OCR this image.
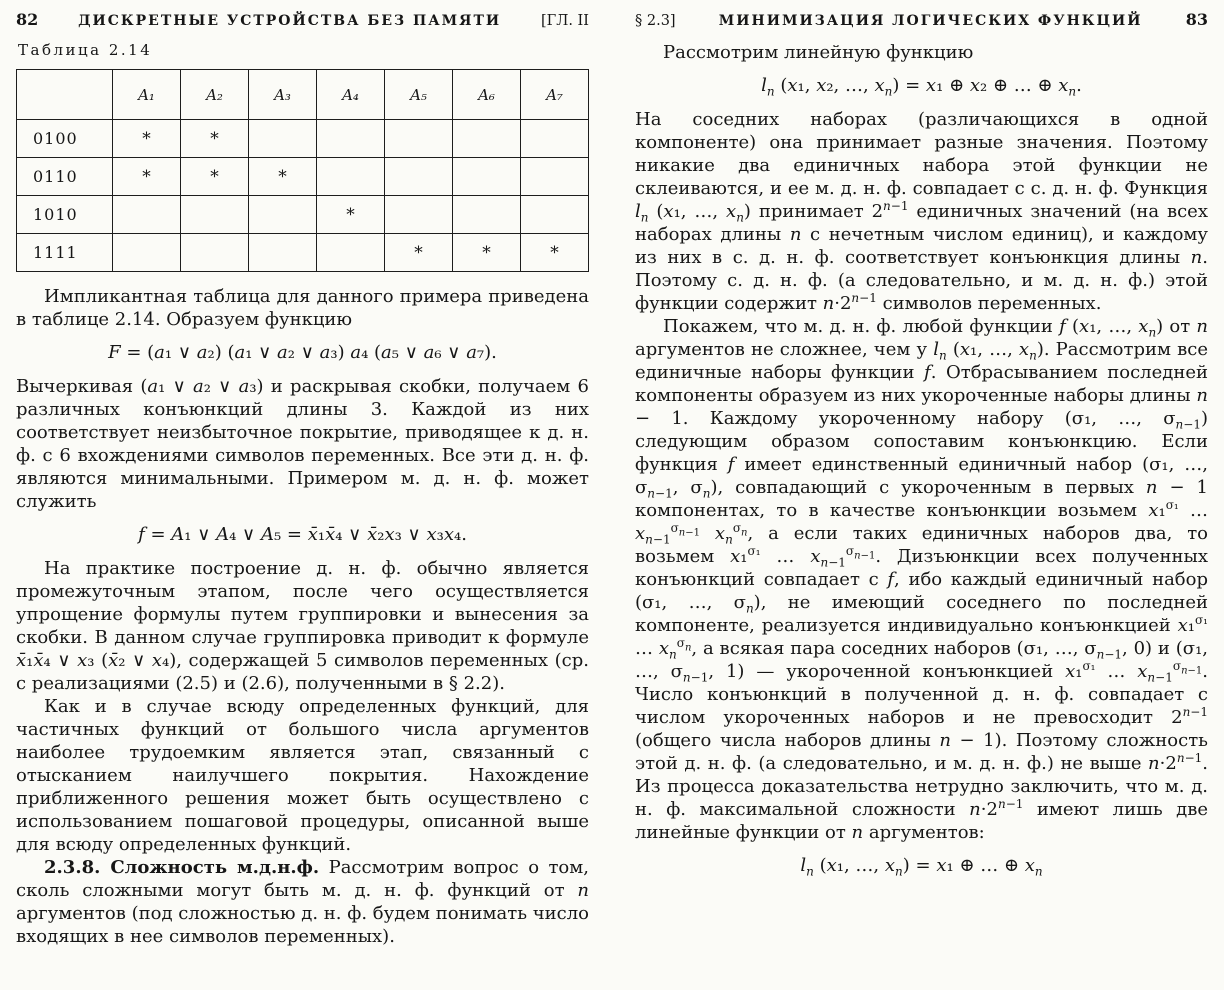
82	ДИСКРЕТНЫЕ УСТРОЙСТВА БЕЗ ПАМЯТИ	[ГЛ. II
Таблица 2.14
	A₁	A₂	A₃	A₄	A₅	A₆	A₇
0100	*	*					
0110	*	*	*				
1010				*			
1111					*	*	*

Импликантная таблица для данного примера приведена в таблице 2.14. Образуем функцию

F = (a₁ ∨ a₂) (a₁ ∨ a₂ ∨ a₃) a₄ (a₅ ∨ a₆ ∨ a₇).

Вычеркивая (a₁ ∨ a₂ ∨ a₃) и раскрывая скобки, получаем 6 различных конъюнкций длины 3. Каждой из них соответствует неизбыточное покрытие, приводящее к д. н. ф. с 6 вхождениями символов переменных. Все эти д. н. ф. являются минимальными. Примером м. д. н. ф. может служить

f = A₁ ∨ A₄ ∨ A₅ = x̄₁x̄₄ ∨ x̄₂x₃ ∨ x₃x₄.

На практике построение д. н. ф. обычно является промежуточным этапом, после чего осуществляется упрощение формулы путем группировки и вынесения за скобки. В данном случае группировка приводит к формуле x̄₁x̄₄ ∨ x₃ (x̄₂ ∨ x₄), содержащей 5 символов переменных (ср. с реализациями (2.5) и (2.6), полученными в § 2.2).

Как и в случае всюду определенных функций, для частичных функций от большого числа аргументов наиболее трудоемким является этап, связанный с отысканием наилучшего покрытия. Нахождение приближенного решения может быть осуществлено с использованием пошаговой процедуры, описанной выше для всюду определенных функций.

2.3.8. Сложность м.д.н.ф. Рассмотрим вопрос о том, сколь сложными могут быть м. д. н. ф. функций от n аргументов (под сложностью д. н. ф. будем понимать число входящих в нее символов переменных).

§ 2.3]	МИНИМИЗАЦИЯ ЛОГИЧЕСКИХ ФУНКЦИЙ	83

Рассмотрим линейную функцию

$l_n$ (x₁, x₂, …, $x_n) = x_1$ ⊕ x₂ ⊕ … ⊕ $x_n$.

На соседних наборах (различающихся в одной компоненте) она принимает разные значения. Поэтому никакие два единичных набора этой функции не склеиваются, и ее м. д. н. ф. совпадает с с. д. н. ф. Функция $l_n$ (x₁, …, $x_n$) принимает $2^{n-1}$ единичных значений (на всех наборах длины n с нечетным числом единиц), и каждому из них в с. д. н. ф. соответствует конъюнкция длины n. Поэтому с. д. н. ф. (а следовательно, и м. д. н. ф.) этой функции содержит $n\cdot 2^{n-1}$ символов переменных.

Покажем, что м. д. н. ф. любой функции f (x₁, …, $x_n$) от n аргументов не сложнее, чем у $l_n$ (x₁, …, $x_n$). Рассмотрим все единичные наборы функции f. Отбрасыванием последней компоненты образуем из них укороченные наборы длины n − 1. Каждому укороченному набору (σ₁, …, $\sigma_{n-1}$) следующим образом сопоставим конъюнкцию. Если функция f имеет единственный единичный набор (σ₁, …, $\sigma_{n-1}$, $\sigma_n$), совпадающий с укороченным в первых n − 1 компонентах, то в качестве конъюнкции возьмем x₁$^{\sigma_1}$ … $x_{n-1}^{\sigma_{n-1}}$ $x_n^{\sigma_n}$, а если таких единичных наборов два, то возьмем x₁$^{\sigma_1}$ … $x_{n-1}^{\sigma_{n-1}}$. Дизъюнкции всех полученных конъюнкций совпадает с f, ибо каждый единичный набор (σ₁, …, $\sigma_n$), не имеющий соседнего по последней компоненте, реализуется индивидуально конъюнкцией x₁$^{\sigma_1}$ … $x_n^{\sigma_n}$, а всякая пара соседних наборов (σ₁, …, $\sigma_{n-1}$, 0) и (σ₁, …, $\sigma_{n-1}$, 1) — укороченной конъюнкцией x₁$^{\sigma_1}$ … $x_{n-1}^{\sigma_{n-1}}$. Число конъюнкций в полученной д. н. ф. совпадает с числом укороченных наборов и не превосходит $2^{n-1}$ (общего числа наборов длины n − 1). Поэтому сложность этой д. н. ф. (а следовательно, и м. д. н. ф.) не выше $n\cdot 2^{n-1}$. Из процесса доказательства нетрудно заключить, что м. д. н. ф. максимальной сложности $n\cdot 2^{n-1}$ имеют лишь две линейные функции от n аргументов:

$l_n$ (x₁, …, $x_n) = x_1$ ⊕ … ⊕ $x_n$
